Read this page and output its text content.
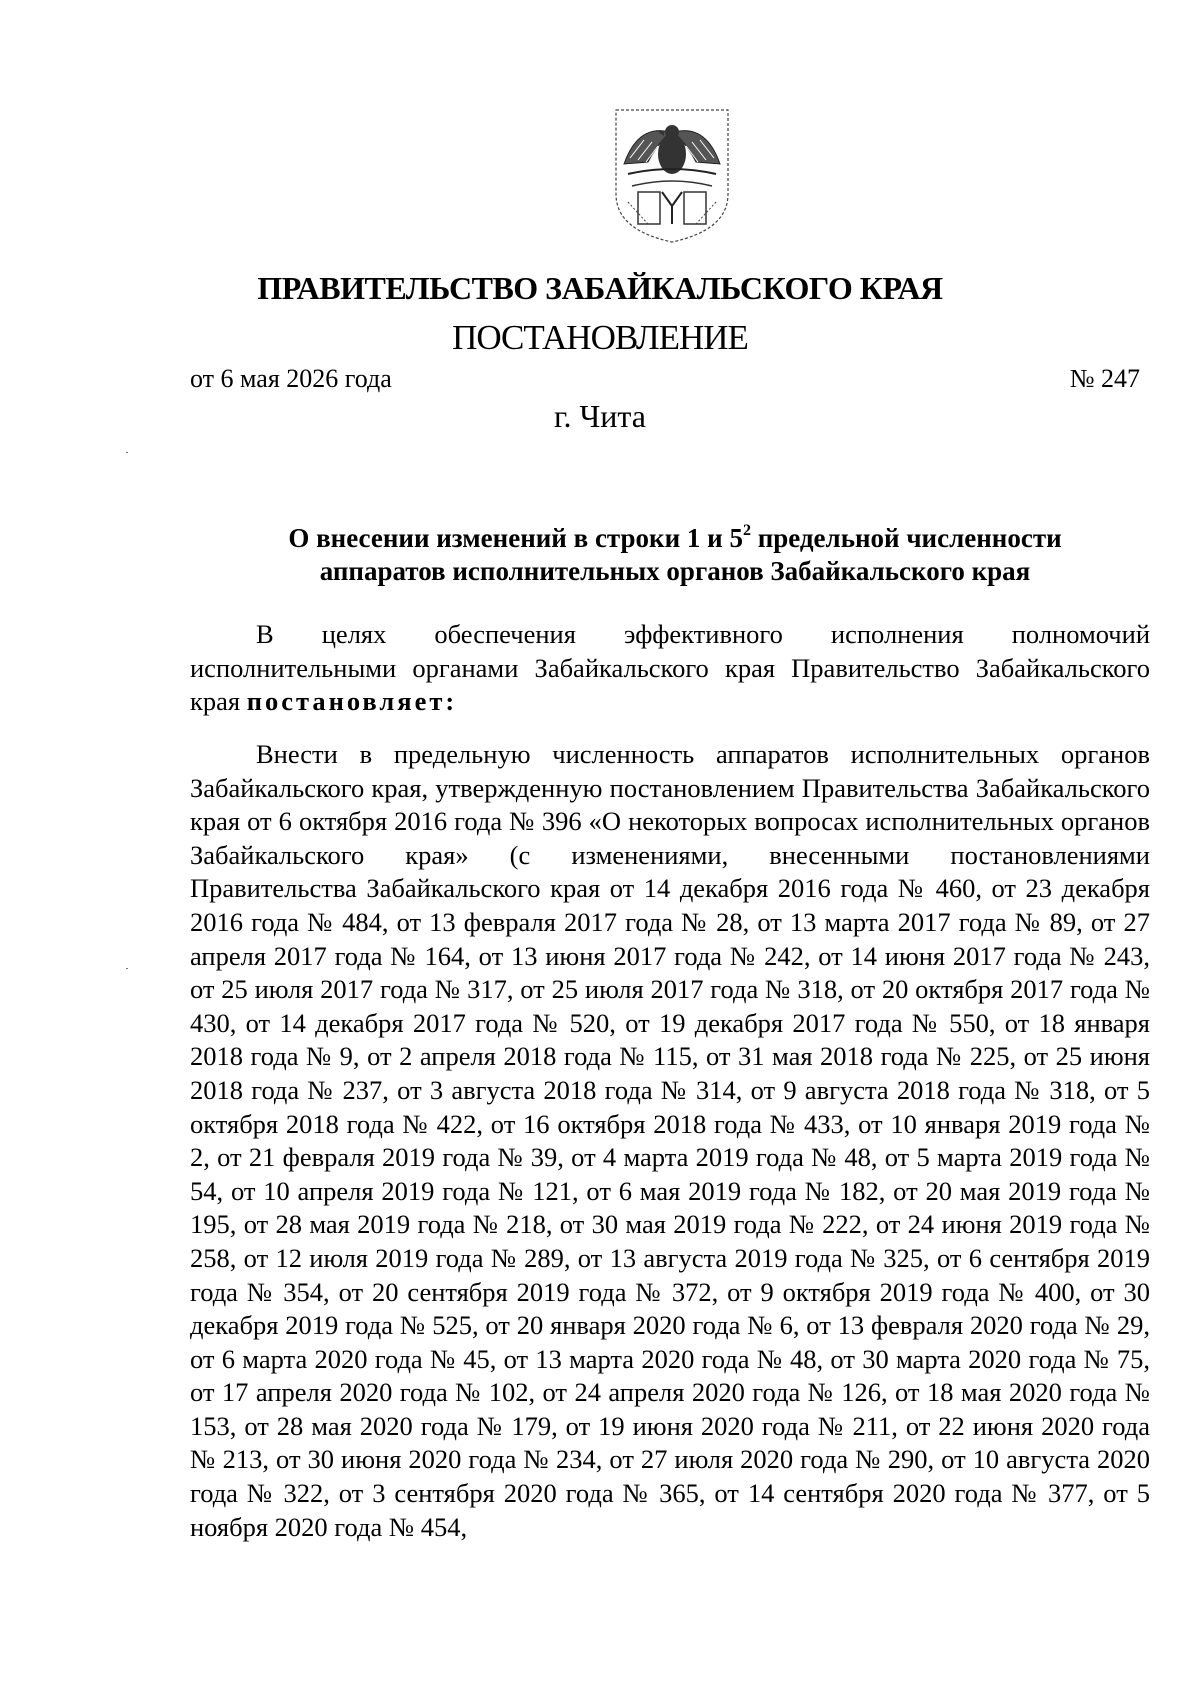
ПРАВИТЕЛЬСТВО ЗАБАЙКАЛЬСКОГО КРАЯ
ПОСТАНОВЛЕНИЕ
от 6 мая 2026 года	№ 247
г. Чита
О внесении изменений в строки 1 и $5^2$ предельной численности
аппаратов исполнительных органов Забайкальского края
В целях обеспечения эффективного исполнения полномочий исполнительными органами Забайкальского края Правительство Забайкальского края постановляет:
Внести в предельную численность аппаратов исполнительных органов Забайкальского края, утвержденную постановлением Правительства Забайкальского края от 6 октября 2016 года № 396 «О некоторых вопросах исполнительных органов Забайкальского края» (с изменениями, внесенными постановлениями Правительства Забайкальского края от 14 декабря 2016 года № 460, от 23 декабря 2016 года № 484, от 13 февраля 2017 года № 28, от 13 марта 2017 года № 89, от 27 апреля 2017 года № 164, от 13 июня 2017 года № 242, от 14 июня 2017 года № 243, от 25 июля 2017 года № 317, от 25 июля 2017 года № 318, от 20 октября 2017 года № 430, от 14 декабря 2017 года № 520, от 19 декабря 2017 года № 550, от 18 января 2018 года № 9, от 2 апреля 2018 года № 115, от 31 мая 2018 года № 225, от 25 июня 2018 года № 237, от 3 августа 2018 года № 314, от 9 августа 2018 года № 318, от 5 октября 2018 года № 422, от 16 октября 2018 года № 433, от 10 января 2019 года № 2, от 21 февраля 2019 года № 39, от 4 марта 2019 года № 48, от 5 марта 2019 года № 54, от 10 апреля 2019 года № 121, от 6 мая 2019 года № 182, от 20 мая 2019 года № 195, от 28 мая 2019 года № 218, от 30 мая 2019 года № 222, от 24 июня 2019 года № 258, от 12 июля 2019 года № 289, от 13 августа 2019 года № 325, от 6 сентября 2019 года № 354, от 20 сентября 2019 года № 372, от 9 октября 2019 года № 400, от 30 декабря 2019 года № 525, от 20 января 2020 года № 6, от 13 февраля 2020 года № 29, от 6 марта 2020 года № 45, от 13 марта 2020 года № 48, от 30 марта 2020 года № 75, от 17 апреля 2020 года № 102, от 24 апреля 2020 года № 126, от 18 мая 2020 года № 153, от 28 мая 2020 года № 179, от 19 июня 2020 года № 211, от 22 июня 2020 года № 213, от 30 июня 2020 года № 234, от 27 июля 2020 года № 290, от 10 августа 2020 года № 322, от 3 сентября 2020 года № 365, от 14 сентября 2020 года № 377, от 5 ноября 2020 года № 454,
